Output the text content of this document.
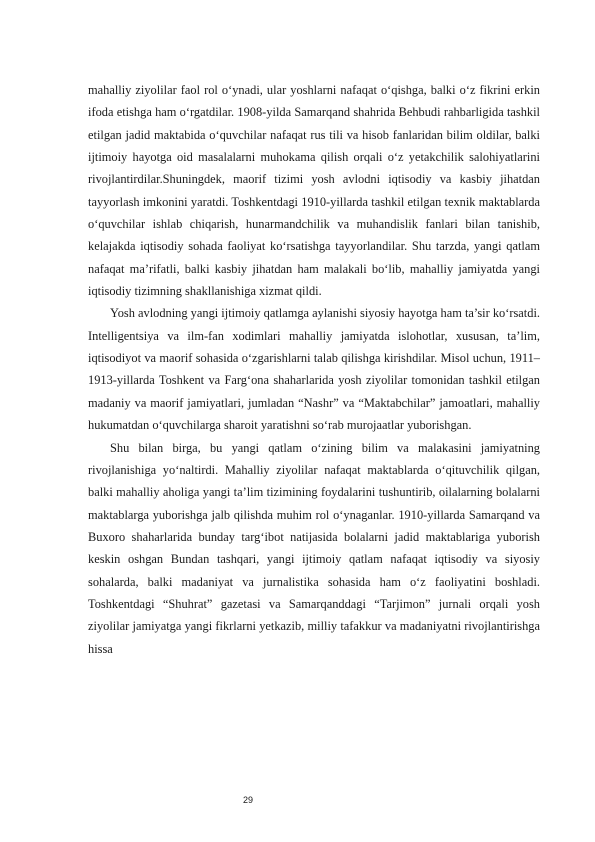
mahalliy ziyolilar faol rol o‘ynadi, ular yoshlarni nafaqat o‘qishga, balki o‘z fikrini erkin ifoda etishga ham o‘rgatdilar. 1908-yilda Samarqand shahrida Behbudi rahbarligida tashkil etilgan jadid maktabida o‘quvchilar nafaqat rus tili va hisob fanlaridan bilim oldilar, balki ijtimoiy hayotga oid masalalarni muhokama qilish orqali o‘z yetakchilik salohiyatlarini rivojlantirdilar.Shuningdek, maorif tizimi yosh avlodni iqtisodiy va kasbiy jihatdan tayyorlash imkonini yaratdi. Toshkentdagi 1910-yillarda tashkil etilgan texnik maktablarda o‘quvchilar ishlab chiqarish, hunarmandchilik va muhandislik fanlari bilan tanishib, kelajakda iqtisodiy sohada faoliyat ko‘rsatishga tayyorlandilar. Shu tarzda, yangi qatlam nafaqat ma’rifatli, balki kasbiy jihatdan ham malakali bo‘lib, mahalliy jamiyatda yangi iqtisodiy tizimning shakllanishiga xizmat qildi.

Yosh avlodning yangi ijtimoiy qatlamga aylanishi siyosiy hayotga ham ta’sir ko‘rsatdi. Intelligentsiya va ilm-fan xodimlari mahalliy jamiyatda islohotlar, xususan, ta’lim, iqtisodiyot va maorif sohasida o‘zgarishlarni talab qilishga kirishdilar. Misol uchun, 1911–1913-yillarda Toshkent va Farg‘ona shaharlarida yosh ziyolilar tomonidan tashkil etilgan madaniy va maorif jamiyatlari, jumladan “Nashr” va “Maktabchilar” jamoatlari, mahalliy hukumatdan o‘quvchilarga sharoit yaratishni so‘rab murojaatlar yuborishgan.

Shu bilan birga, bu yangi qatlam o‘zining bilim va malakasini jamiyatning rivojlanishiga yo‘naltirdi. Mahalliy ziyolilar nafaqat maktablarda o‘qituvchilik qilgan, balki mahalliy aholiga yangi ta’lim tizimining foydalarini tushuntirib, oilalarning bolalarni maktablarga yuborishga jalb qilishda muhim rol o‘ynaganlar. 1910-yillarda Samarqand va Buxoro shaharlarida bunday targ‘ibot natijasida bolalarni jadid maktablariga yuborish keskin oshgan Bundan tashqari, yangi ijtimoiy qatlam nafaqat iqtisodiy va siyosiy sohalarda, balki madaniyat va jurnalistika sohasida ham o‘z faoliyatini boshladi. Toshkentdagi “Shuhrat” gazetasi va Samarqanddagi “Tarjimon” jurnali orqali yosh ziyolilar jamiyatga yangi fikrlarni yetkazib, milliy tafakkur va madaniyatni rivojlantirishga hissa

29
